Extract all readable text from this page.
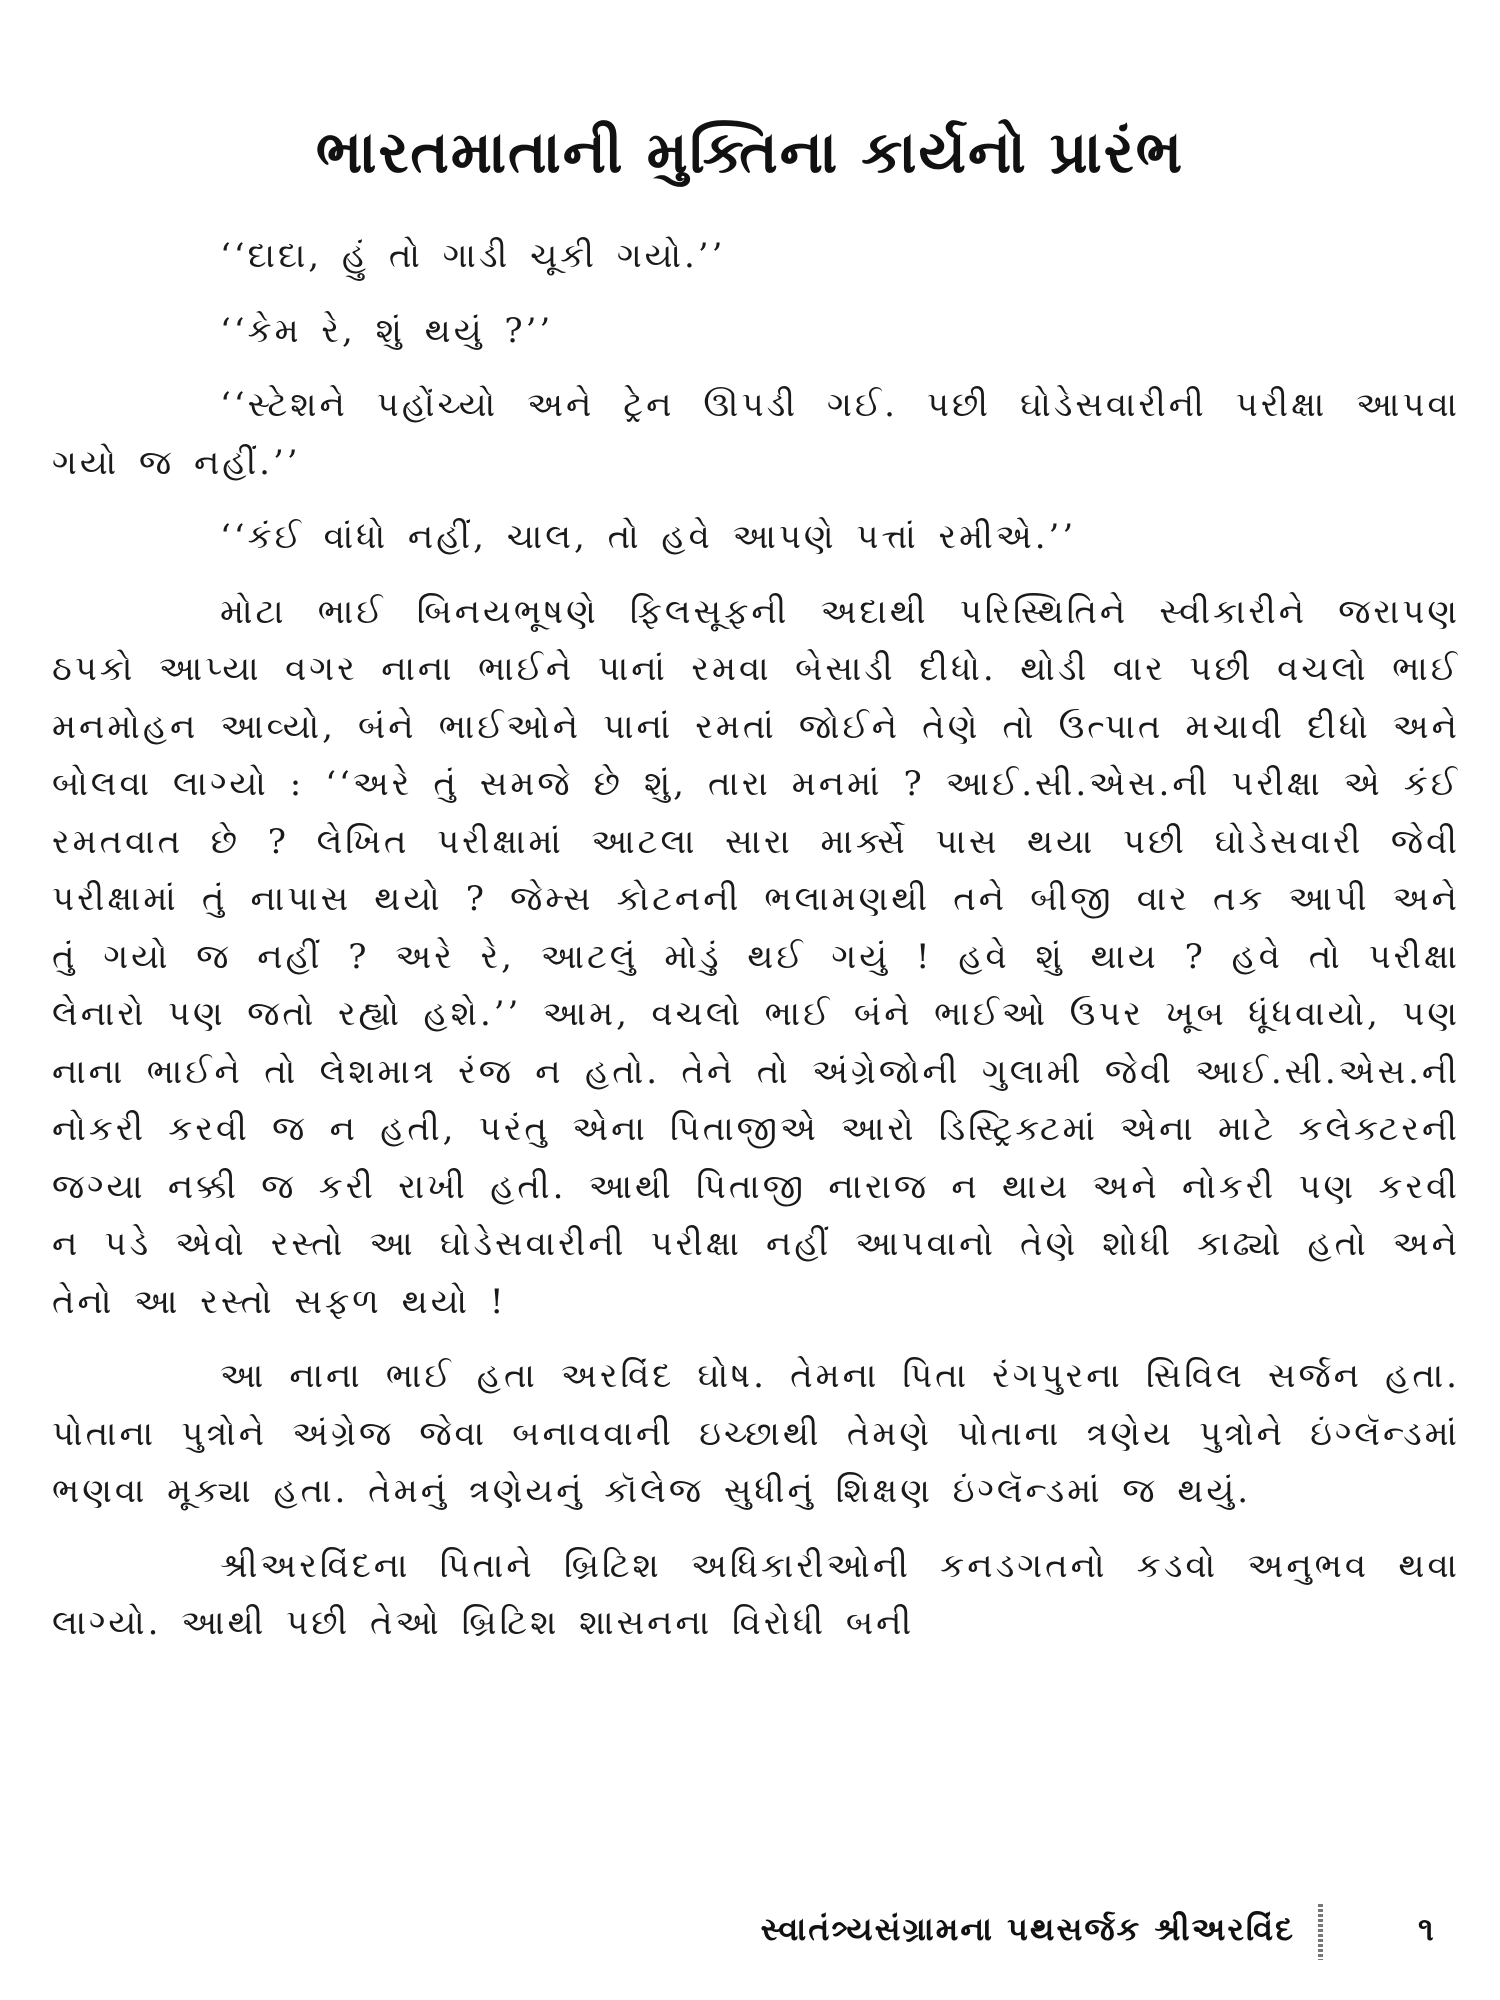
ભારતમાતાની મુક્તિના કાર્યનો પ્રારંભ

‘‘દાદા, હું તો ગાડી ચૂકી ગયો.’’

‘‘કેમ રે, શું થયું ?’’

‘‘સ્ટેશને પહોંચ્યો અને ટ્રેન ઊપડી ગઈ. પછી ઘોડેસવારીની પરીક્ષા આપવા ગયો જ નહીં.’’

‘‘કંઈ વાંધો નહીં, ચાલ, તો હવે આપણે પત્તાં રમીએ.’’

મોટા ભાઈ બિનયભૂષણે ફિલસૂફની અદાથી પરિસ્થિતિને સ્વીકારીને જરાપણ ઠપકો આપ્યા વગર નાના ભાઈને પાનાં રમવા બેસાડી દીધો. થોડી વાર પછી વચલો ભાઈ મનમોહન આવ્યો, બંને ભાઈઓને પાનાં રમતાં જોઈને તેણે તો ઉત્પાત મચાવી દીધો અને બોલવા લાગ્યો : ‘‘અરે તું સમજે છે શું, તારા મનમાં ? આઈ.સી.એસ.ની પરીક્ષા એ કંઈ રમતવાત છે ? લેખિત પરીક્ષામાં આટલા સારા માર્ક્સે પાસ થયા પછી ઘોડેસવારી જેવી પરીક્ષામાં તું નાપાસ થયો ? જેમ્સ કોટનની ભલામણથી તને બીજી વાર તક આપી અને તું ગયો જ નહીં ? અરે રે, આટલું મોડું થઈ ગયું ! હવે શું થાય ? હવે તો પરીક્ષા લેનારો પણ જતો રહ્યો હશે.’’ આમ, વચલો ભાઈ બંને ભાઈઓ ઉપર ખૂબ ધૂંધવાયો, પણ નાના ભાઈને તો લેશમાત્ર રંજ ન હતો. તેને તો અંગ્રેજોની ગુલામી જેવી આઈ.સી.એસ.ની નોકરી કરવી જ ન હતી, પરંતુ એના પિતાજીએ આરો ડિસ્ટ્રિક્ટમાં એના માટે કલેક્ટરની જગ્યા નક્કી જ કરી રાખી હતી. આથી પિતાજી નારાજ ન થાય અને નોકરી પણ કરવી ન પડે એવો રસ્તો આ ઘોડેસવારીની પરીક્ષા નહીં આપવાનો તેણે શોધી કાઢ્યો હતો અને તેનો આ રસ્તો સફળ થયો !

આ નાના ભાઈ હતા અરવિંદ ઘોષ. તેમના પિતા રંગપુરના સિવિલ સર્જન હતા. પોતાના પુત્રોને અંગ્રેજ જેવા બનાવવાની ઇચ્છાથી તેમણે પોતાના ત્રણેય પુત્રોને ઇંગ્લૅન્ડમાં ભણવા મૂક્યા હતા. તેમનું ત્રણેયનું કૉલેજ સુધીનું શિક્ષણ ઇંગ્લૅન્ડમાં જ થયું.

શ્રીઅરવિંદના પિતાને બ્રિટિશ અધિકારીઓની કનડગતનો કડવો અનુભવ થવા લાગ્યો. આથી પછી તેઓ બ્રિટિશ શાસનના વિરોધી બની

સ્વાતંત્ર્યસંગ્રામના પથસર્જક શ્રીઅરવિંદ	૧
